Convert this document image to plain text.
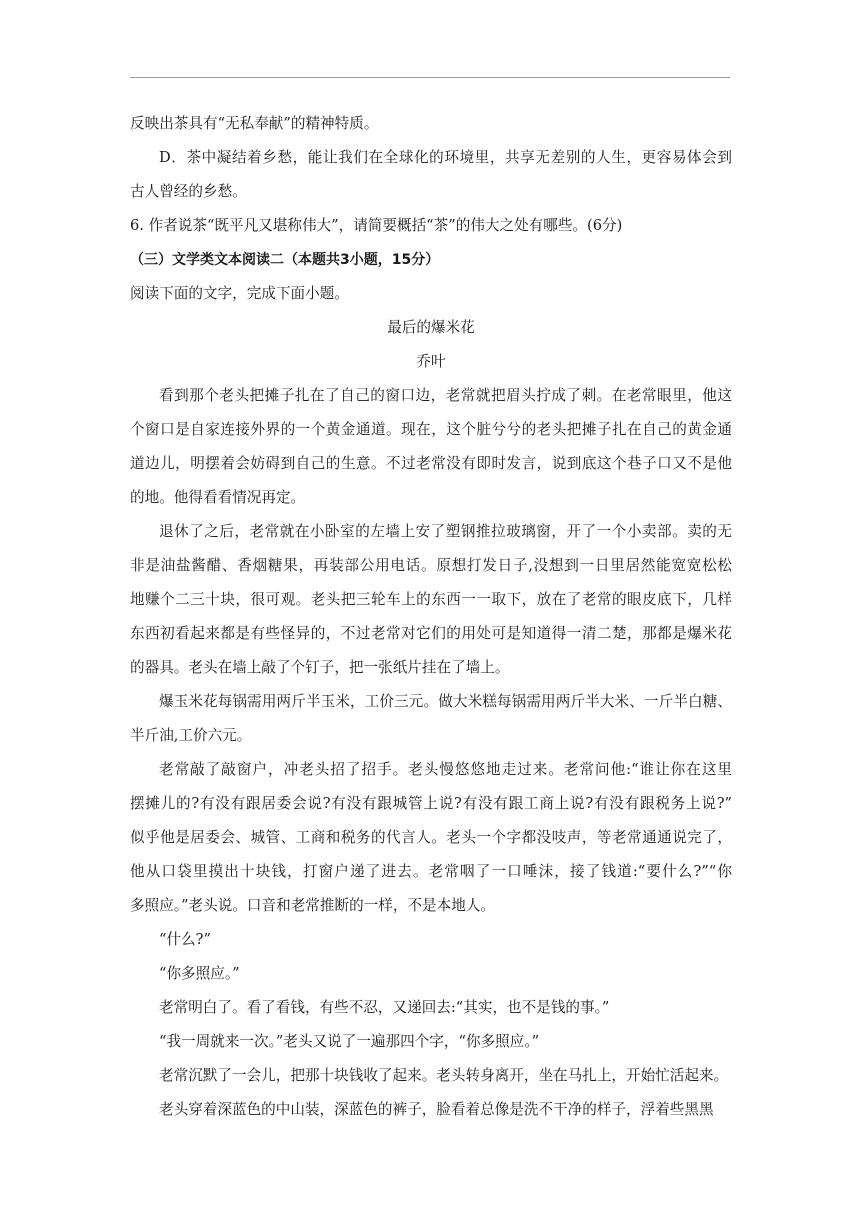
反映出茶具有“无私奉献”的精神特质。
D．茶中凝结着乡愁，能让我们在全球化的环境里，共享无差别的人生，更容易体会到
古人曾经的乡愁。
6. 作者说茶“既平凡又堪称伟大”，请简要概括“茶”的伟大之处有哪些。(6分)
（三）文学类文本阅读二（本题共3小题，15分）
阅读下面的文字，完成下面小题。
最后的爆米花
乔叶
看到那个老头把摊子扎在了自己的窗口边，老常就把眉头拧成了刺。在老常眼里，他这
个窗口是自家连接外界的一个黄金通道。现在，这个脏兮兮的老头把摊子扎在自己的黄金通
道边儿，明摆着会妨碍到自己的生意。不过老常没有即时发言，说到底这个巷子口又不是他
的地。他得看看情况再定。
退休了之后，老常就在小卧室的左墙上安了塑钢推拉玻璃窗，开了一个小卖部。卖的无
非是油盐酱醋、香烟糖果，再装部公用电话。原想打发日子,没想到一日里居然能宽宽松松
地赚个二三十块，很可观。老头把三轮车上的东西一一取下，放在了老常的眼皮底下，几样
东西初看起来都是有些怪异的，不过老常对它们的用处可是知道得一清二楚，那都是爆米花
的器具。老头在墙上敲了个钉子，把一张纸片挂在了墙上。
爆玉米花每锅需用两斤半玉米，工价三元。做大米糕每锅需用两斤半大米、一斤半白糖、
半斤油,工价六元。
老常敲了敲窗户，冲老头招了招手。老头慢悠悠地走过来。老常问他:“谁让你在这里
摆摊儿的?有没有跟居委会说?有没有跟城管上说?有没有跟工商上说?有没有跟税务上说?”
似乎他是居委会、城管、工商和税务的代言人。老头一个字都没吱声，等老常通通说完了，
他从口袋里摸出十块钱，打窗户递了进去。老常咽了一口唾沫，接了钱道:“要什么?”“你
多照应。”老头说。口音和老常推断的一样，不是本地人。
“什么?”
“你多照应。”
老常明白了。看了看钱，有些不忍，又递回去:“其实，也不是钱的事。”
“我一周就来一次。”老头又说了一遍那四个字，“你多照应。”
老常沉默了一会儿，把那十块钱收了起来。老头转身离开，坐在马扎上，开始忙活起来。
老头穿着深蓝色的中山装，深蓝色的裤子，脸看着总像是洗不干净的样子，浮着些黑黑
